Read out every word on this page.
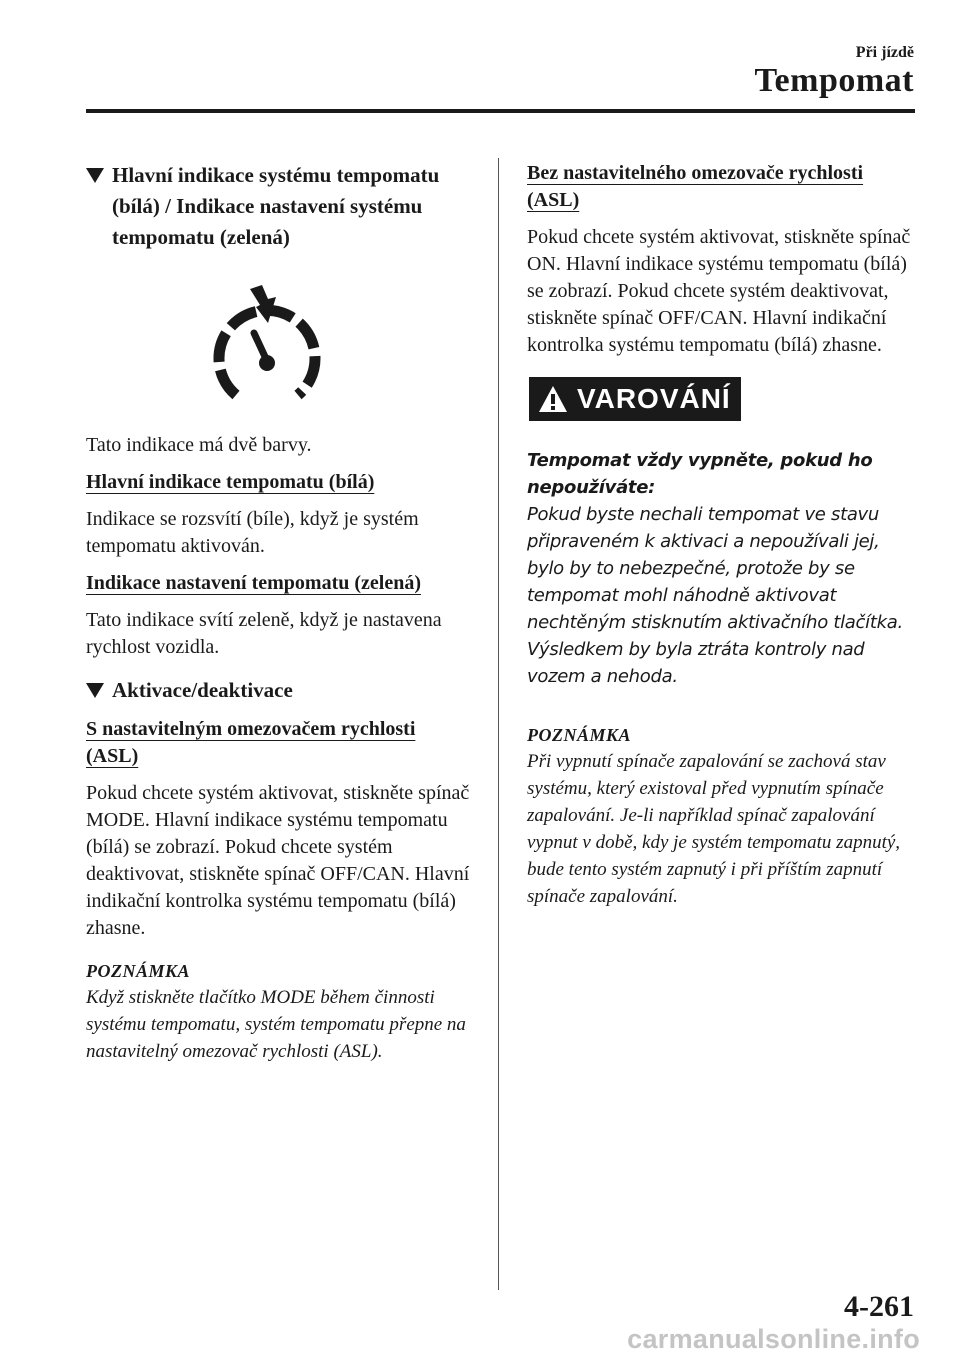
Při jízdě
Tempomat
Hlavní indikace systému tempomatu (bílá) / Indikace nastavení systému tempomatu (zelená)

Tato indikace má dvě barvy.

Hlavní indikace tempomatu (bílá)

Indikace se rozsvítí (bíle), když je systém tempomatu aktivován.

Indikace nastavení tempomatu (zelená)

Tato indikace svítí zeleně, když je nastavena rychlost vozidla.

Aktivace/deaktivace
S nastavitelným omezovačem rychlosti (ASL)

Pokud chcete systém aktivovat, stiskněte spínač MODE. Hlavní indikace systému tempomatu (bílá) se zobrazí. Pokud chcete systém deaktivovat, stiskněte spínač OFF/CAN. Hlavní indikační kontrolka systému tempomatu (bílá) zhasne.

POZNÁMKA

Když stiskněte tlačítko MODE během činnosti systému tempomatu, systém tempomatu přepne na nastavitelný omezovač rychlosti (ASL).

Bez nastavitelného omezovače rychlosti (ASL)

Pokud chcete systém aktivovat, stiskněte spínač ON. Hlavní indikace systému tempomatu (bílá) se zobrazí. Pokud chcete systém deaktivovat, stiskněte spínač OFF/CAN. Hlavní indikační kontrolka systému tempomatu (bílá) zhasne.

VAROVÁNÍ

Tempomat vždy vypněte, pokud ho nepoužíváte:

Pokud byste nechali tempomat ve stavu připraveném k aktivaci a nepoužívali jej, bylo by to nebezpečné, protože by se tempomat mohl náhodně aktivovat nechtěným stisknutím aktivačního tlačítka. Výsledkem by byla ztráta kontroly nad vozem a nehoda.

POZNÁMKA

Při vypnutí spínače zapalování se zachová stav systému, který existoval před vypnutím spínače zapalování. Je-li například spínač zapalování vypnut v době, kdy je systém tempomatu zapnutý, bude tento systém zapnutý i při příštím zapnutí spínače zapalování.

4-261
carmanualsonline.info
